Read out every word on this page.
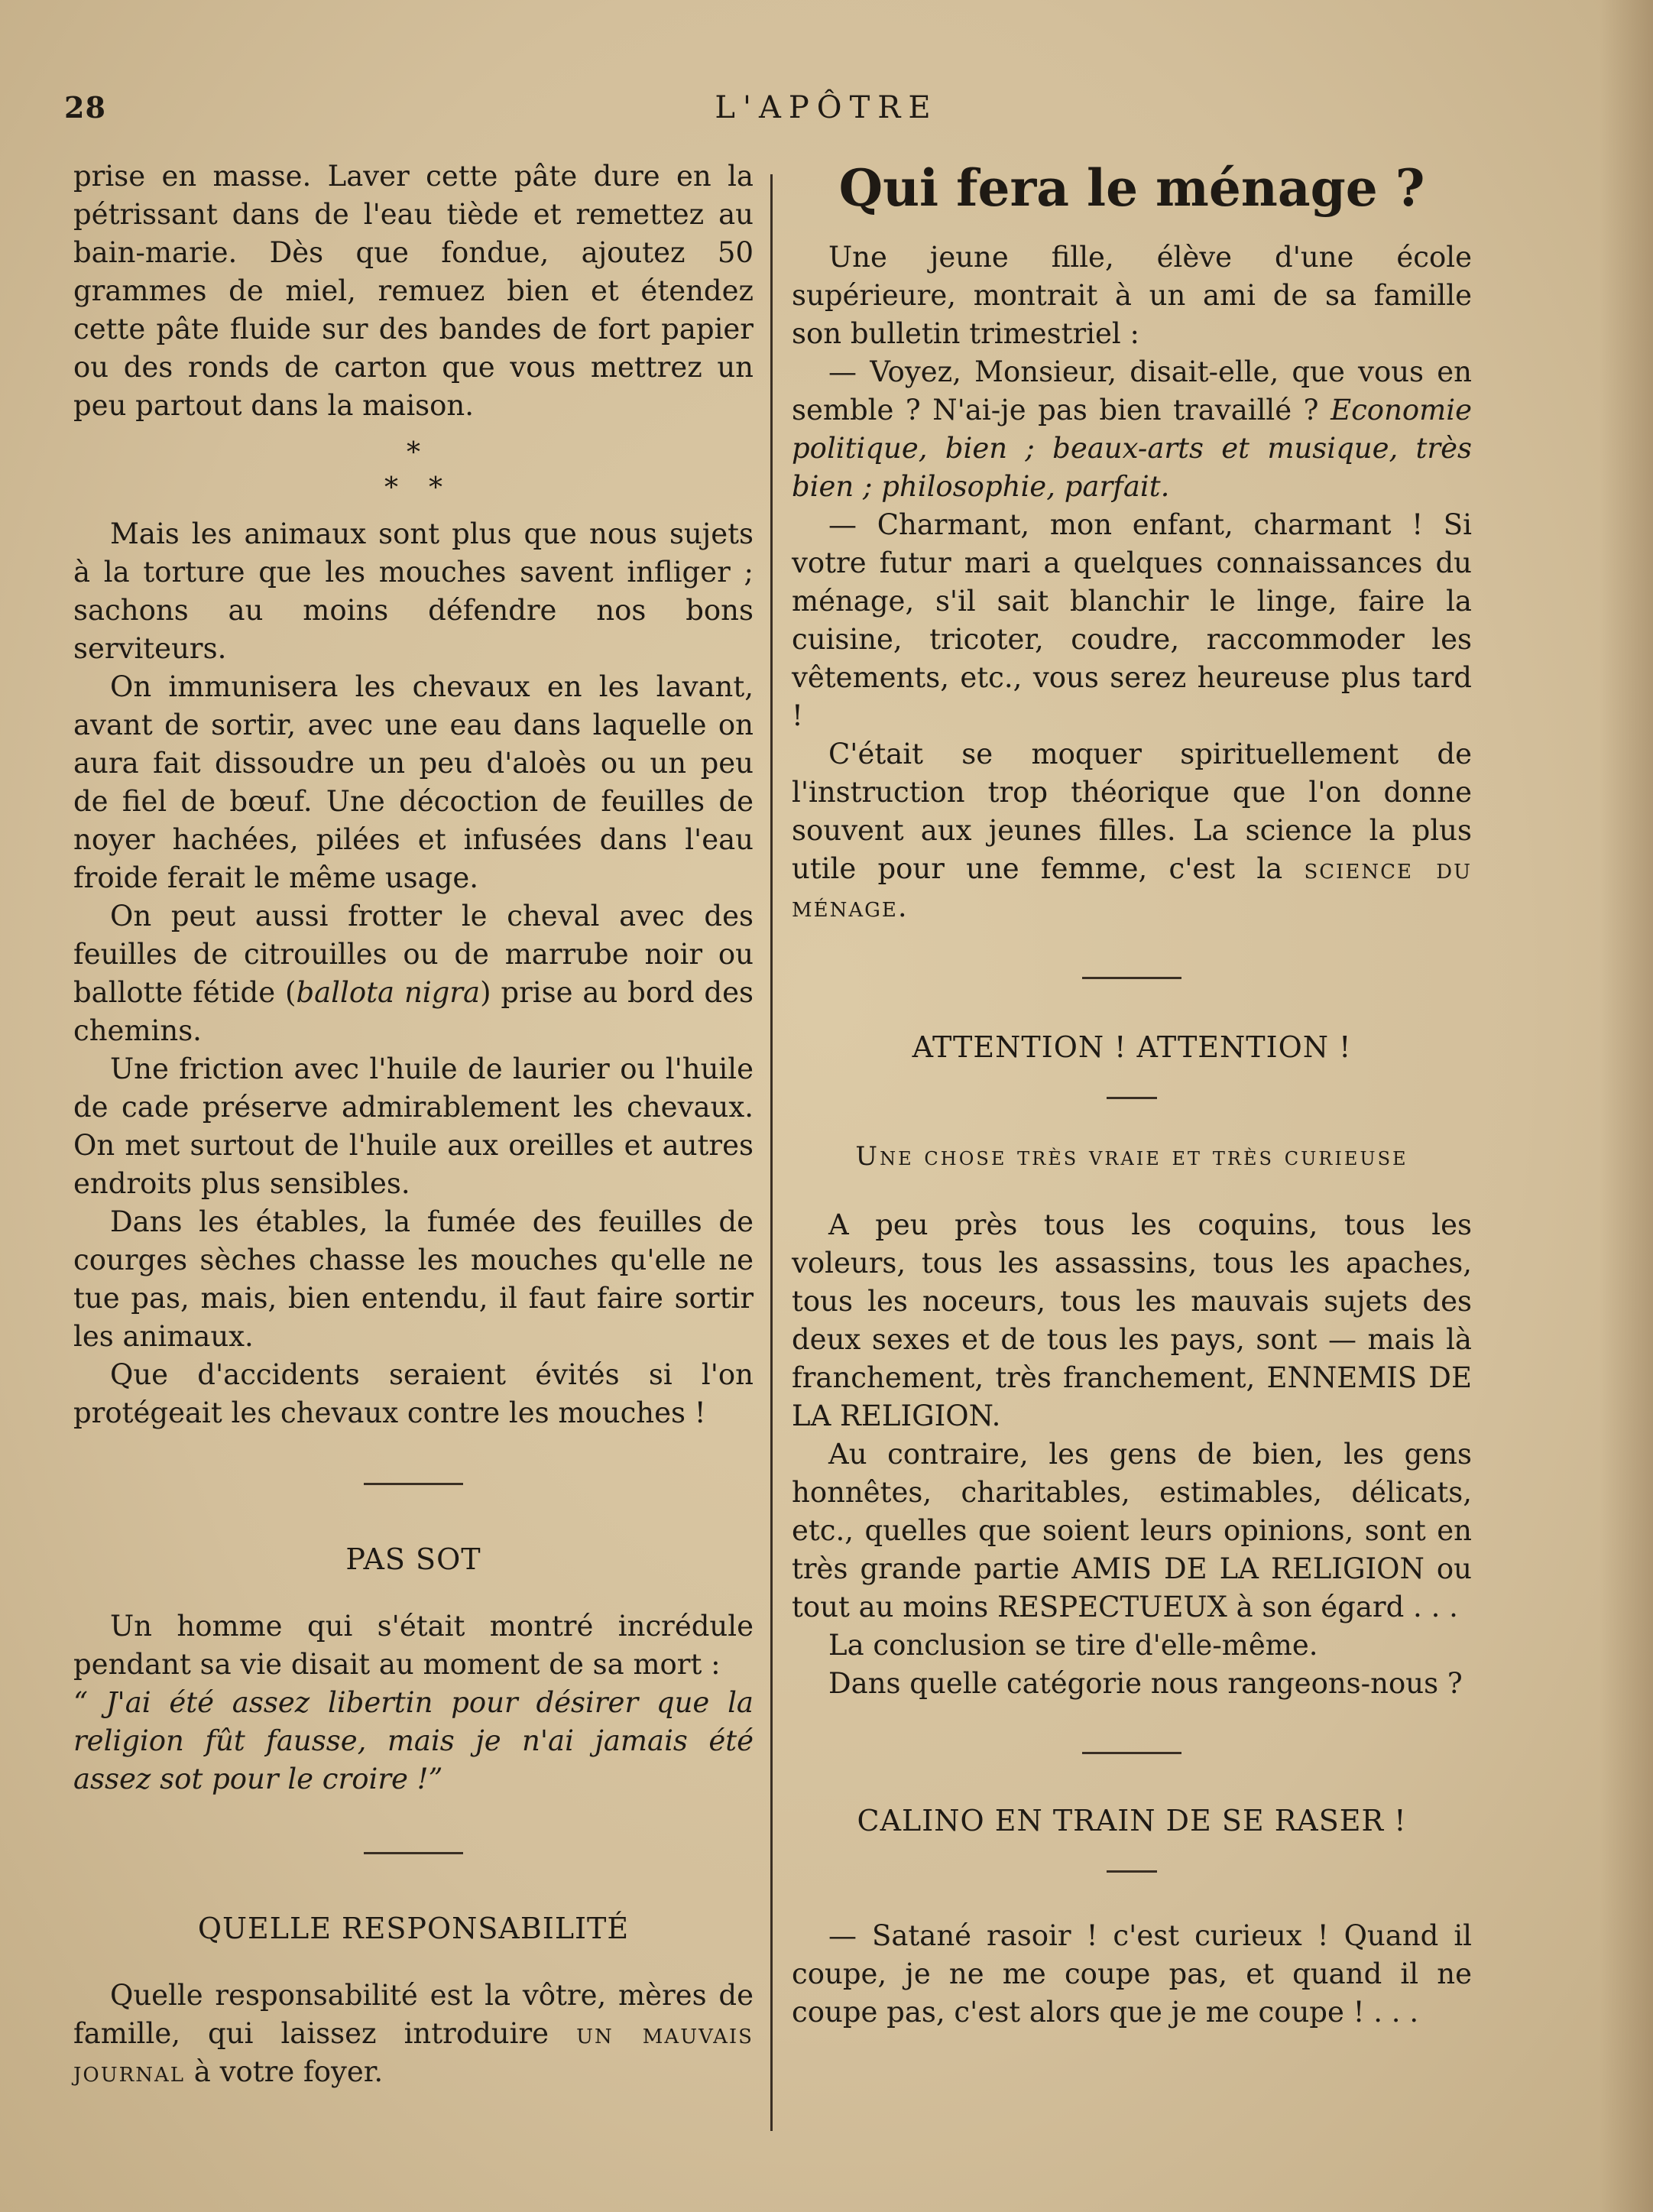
28	L'APÔTRE

prise en masse. Laver cette pâte dure en la pétrissant dans de l'eau tiède et remettez au bain-marie. Dès que fondue, ajoutez 50 grammes de miel, remuez bien et étendez cette pâte fluide sur des bandes de fort papier ou des ronds de carton que vous mettrez un peu partout dans la maison.

*
**

Mais les animaux sont plus que nous sujets à la torture que les mouches savent infliger ; sachons au moins défendre nos bons serviteurs.

On immunisera les chevaux en les lavant, avant de sortir, avec une eau dans laquelle on aura fait dissoudre un peu d'aloès ou un peu de fiel de bœuf. Une décoction de feuilles de noyer hachées, pilées et infusées dans l'eau froide ferait le même usage.

On peut aussi frotter le cheval avec des feuilles de citrouilles ou de marrube noir ou ballotte fétide (ballota nigra) prise au bord des chemins.

Une friction avec l'huile de laurier ou l'huile de cade préserve admirablement les chevaux. On met surtout de l'huile aux oreilles et autres endroits plus sensibles.

Dans les étables, la fumée des feuilles de courges sèches chasse les mouches qu'elle ne tue pas, mais, bien entendu, il faut faire sortir les animaux.

Que d'accidents seraient évités si l'on protégeait les chevaux contre les mouches !

PAS SOT

Un homme qui s'était montré incrédule pendant sa vie disait au moment de sa mort :

“ J'ai été assez libertin pour désirer que la religion fût fausse, mais je n'ai jamais été assez sot pour le croire !”

QUELLE RESPONSABILITÉ

Quelle responsabilité est la vôtre, mères de famille, qui laissez introduire un mauvais journal à votre foyer.

Qui fera le ménage ?

Une jeune fille, élève d'une école supérieure, montrait à un ami de sa famille son bulletin trimestriel :

— Voyez, Monsieur, disait-elle, que vous en semble ? N'ai-je pas bien travaillé ? Economie politique, bien ; beaux-arts et musique, très bien ; philosophie, parfait.

— Charmant, mon enfant, charmant ! Si votre futur mari a quelques connaissances du ménage, s'il sait blanchir le linge, faire la cuisine, tricoter, coudre, raccommoder les vêtements, etc., vous serez heureuse plus tard !

C'était se moquer spirituellement de l'instruction trop théorique que l'on donne souvent aux jeunes filles. La science la plus utile pour une femme, c'est la science du ménage.

ATTENTION ! ATTENTION !
Une chose très vraie et très curieuse

A peu près tous les coquins, tous les voleurs, tous les assassins, tous les apaches, tous les noceurs, tous les mauvais sujets des deux sexes et de tous les pays, sont — mais là franchement, très franchement, ENNEMIS DE LA RELIGION.

Au contraire, les gens de bien, les gens honnêtes, charitables, estimables, délicats, etc., quelles que soient leurs opinions, sont en très grande partie AMIS DE LA RELIGION ou tout au moins RESPECTUEUX à son égard . . .

La conclusion se tire d'elle-même.

Dans quelle catégorie nous rangeons-nous ?

CALINO EN TRAIN DE SE RASER !

— Satané rasoir ! c'est curieux ! Quand il coupe, je ne me coupe pas, et quand il ne coupe pas, c'est alors que je me coupe ! . . .
